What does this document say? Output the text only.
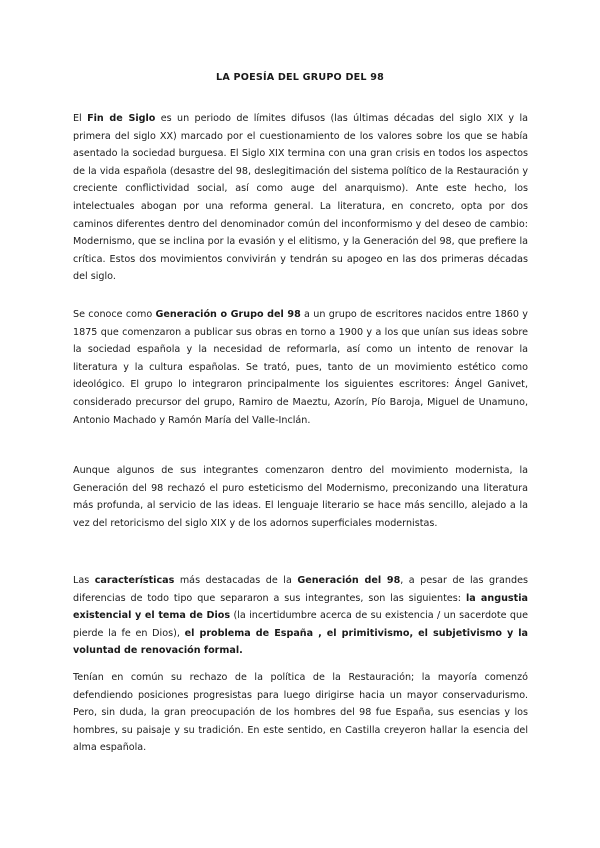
LA POESÍA DEL GRUPO DEL 98

El Fin de Siglo es un periodo de límites difusos (las últimas décadas del siglo XIX y la primera del siglo XX) marcado por el cuestionamiento de los valores sobre los que se había asentado la sociedad burguesa. El Siglo XIX termina con una gran crisis en todos los aspectos de la vida española (desastre del 98, deslegitimación del sistema político de la Restauración y creciente conflictividad social, así como auge del anarquismo). Ante este hecho, los intelectuales abogan por una reforma general. La literatura, en concreto, opta por dos caminos diferentes dentro del denominador común del inconformismo y del deseo de cambio: Modernismo, que se inclina por la evasión y el elitismo, y la Generación del 98, que prefiere la crítica. Estos dos movimientos convivirán y tendrán su apogeo en las dos primeras décadas del siglo.

Se conoce como Generación o Grupo del 98 a un grupo de escritores nacidos entre 1860 y 1875 que comenzaron a publicar sus obras en torno a 1900 y a los que unían sus ideas sobre la sociedad española y la necesidad de reformarla, así como un intento de renovar la literatura y la cultura españolas. Se trató, pues, tanto de un movimiento estético como ideológico. El grupo lo integraron principalmente los siguientes escritores: Ángel Ganivet, considerado precursor del grupo, Ramiro de Maeztu, Azorín, Pío Baroja, Miguel de Unamuno, Antonio Machado y Ramón María del Valle-Inclán.

Aunque algunos de sus integrantes comenzaron dentro del movimiento modernista, la Generación del 98 rechazó el puro esteticismo del Modernismo, preconizando una literatura más profunda, al servicio de las ideas. El lenguaje literario se hace más sencillo, alejado a la vez del retoricismo del siglo XIX y de los adornos superficiales modernistas.

Las características más destacadas de la Generación del 98, a pesar de las grandes diferencias de todo tipo que separaron a sus integrantes, son las siguientes: la angustia existencial y el tema de Dios (la incertidumbre acerca de su existencia / un sacerdote que pierde la fe en Dios), el problema de España , el primitivismo, el subjetivismo y la voluntad de renovación formal.

Tenían en común su rechazo de la política de la Restauración; la mayoría comenzó defendiendo posiciones progresistas para luego dirigirse hacia un mayor conservadurismo. Pero, sin duda, la gran preocupación de los hombres del 98 fue España, sus esencias y los hombres, su paisaje y su tradición. En este sentido, en Castilla creyeron hallar la esencia del alma española.
